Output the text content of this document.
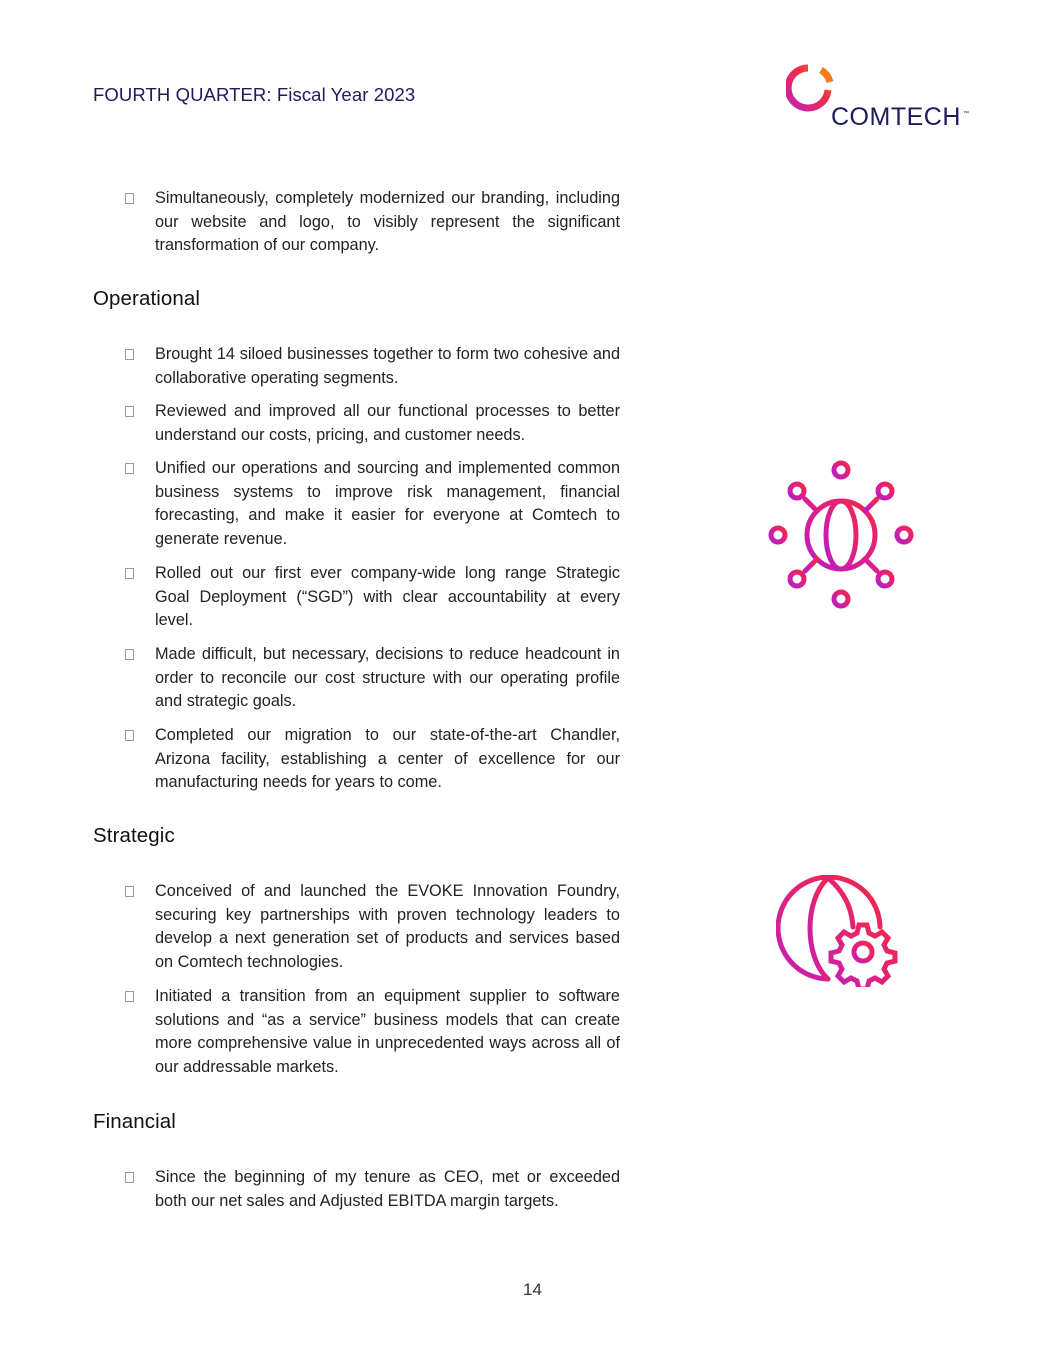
FOURTH QUARTER: Fiscal Year 2023
COMTECH ™
Simultaneously, completely modernized our branding, including our website and logo, to visibly represent the significant transformation of our company.
Operational
Brought 14 siloed businesses together to form two cohesive and collaborative operating segments.
Reviewed and improved all our functional processes to better understand our costs, pricing, and customer needs.
Unified our operations and sourcing and implemented common business systems to improve risk management, financial forecasting, and make it easier for everyone at Comtech to generate revenue.
Rolled out our first ever company-wide long range Strategic Goal Deployment (“SGD”) with clear accountability at every level.
Made difficult, but necessary, decisions to reduce headcount in order to reconcile our cost structure with our operating profile and strategic goals.
Completed our migration to our state-of-the-art Chandler, Arizona facility, establishing a center of excellence for our manufacturing needs for years to come.
Strategic
Conceived of and launched the EVOKE Innovation Foundry, securing key partnerships with proven technology leaders to develop a next generation set of products and services based on Comtech technologies.
Initiated a transition from an equipment supplier to software solutions and “as a service” business models that can create more comprehensive value in unprecedented ways across all of our addressable markets.
Financial
Since the beginning of my tenure as CEO, met or exceeded both our net sales and Adjusted EBITDA margin targets.
14
